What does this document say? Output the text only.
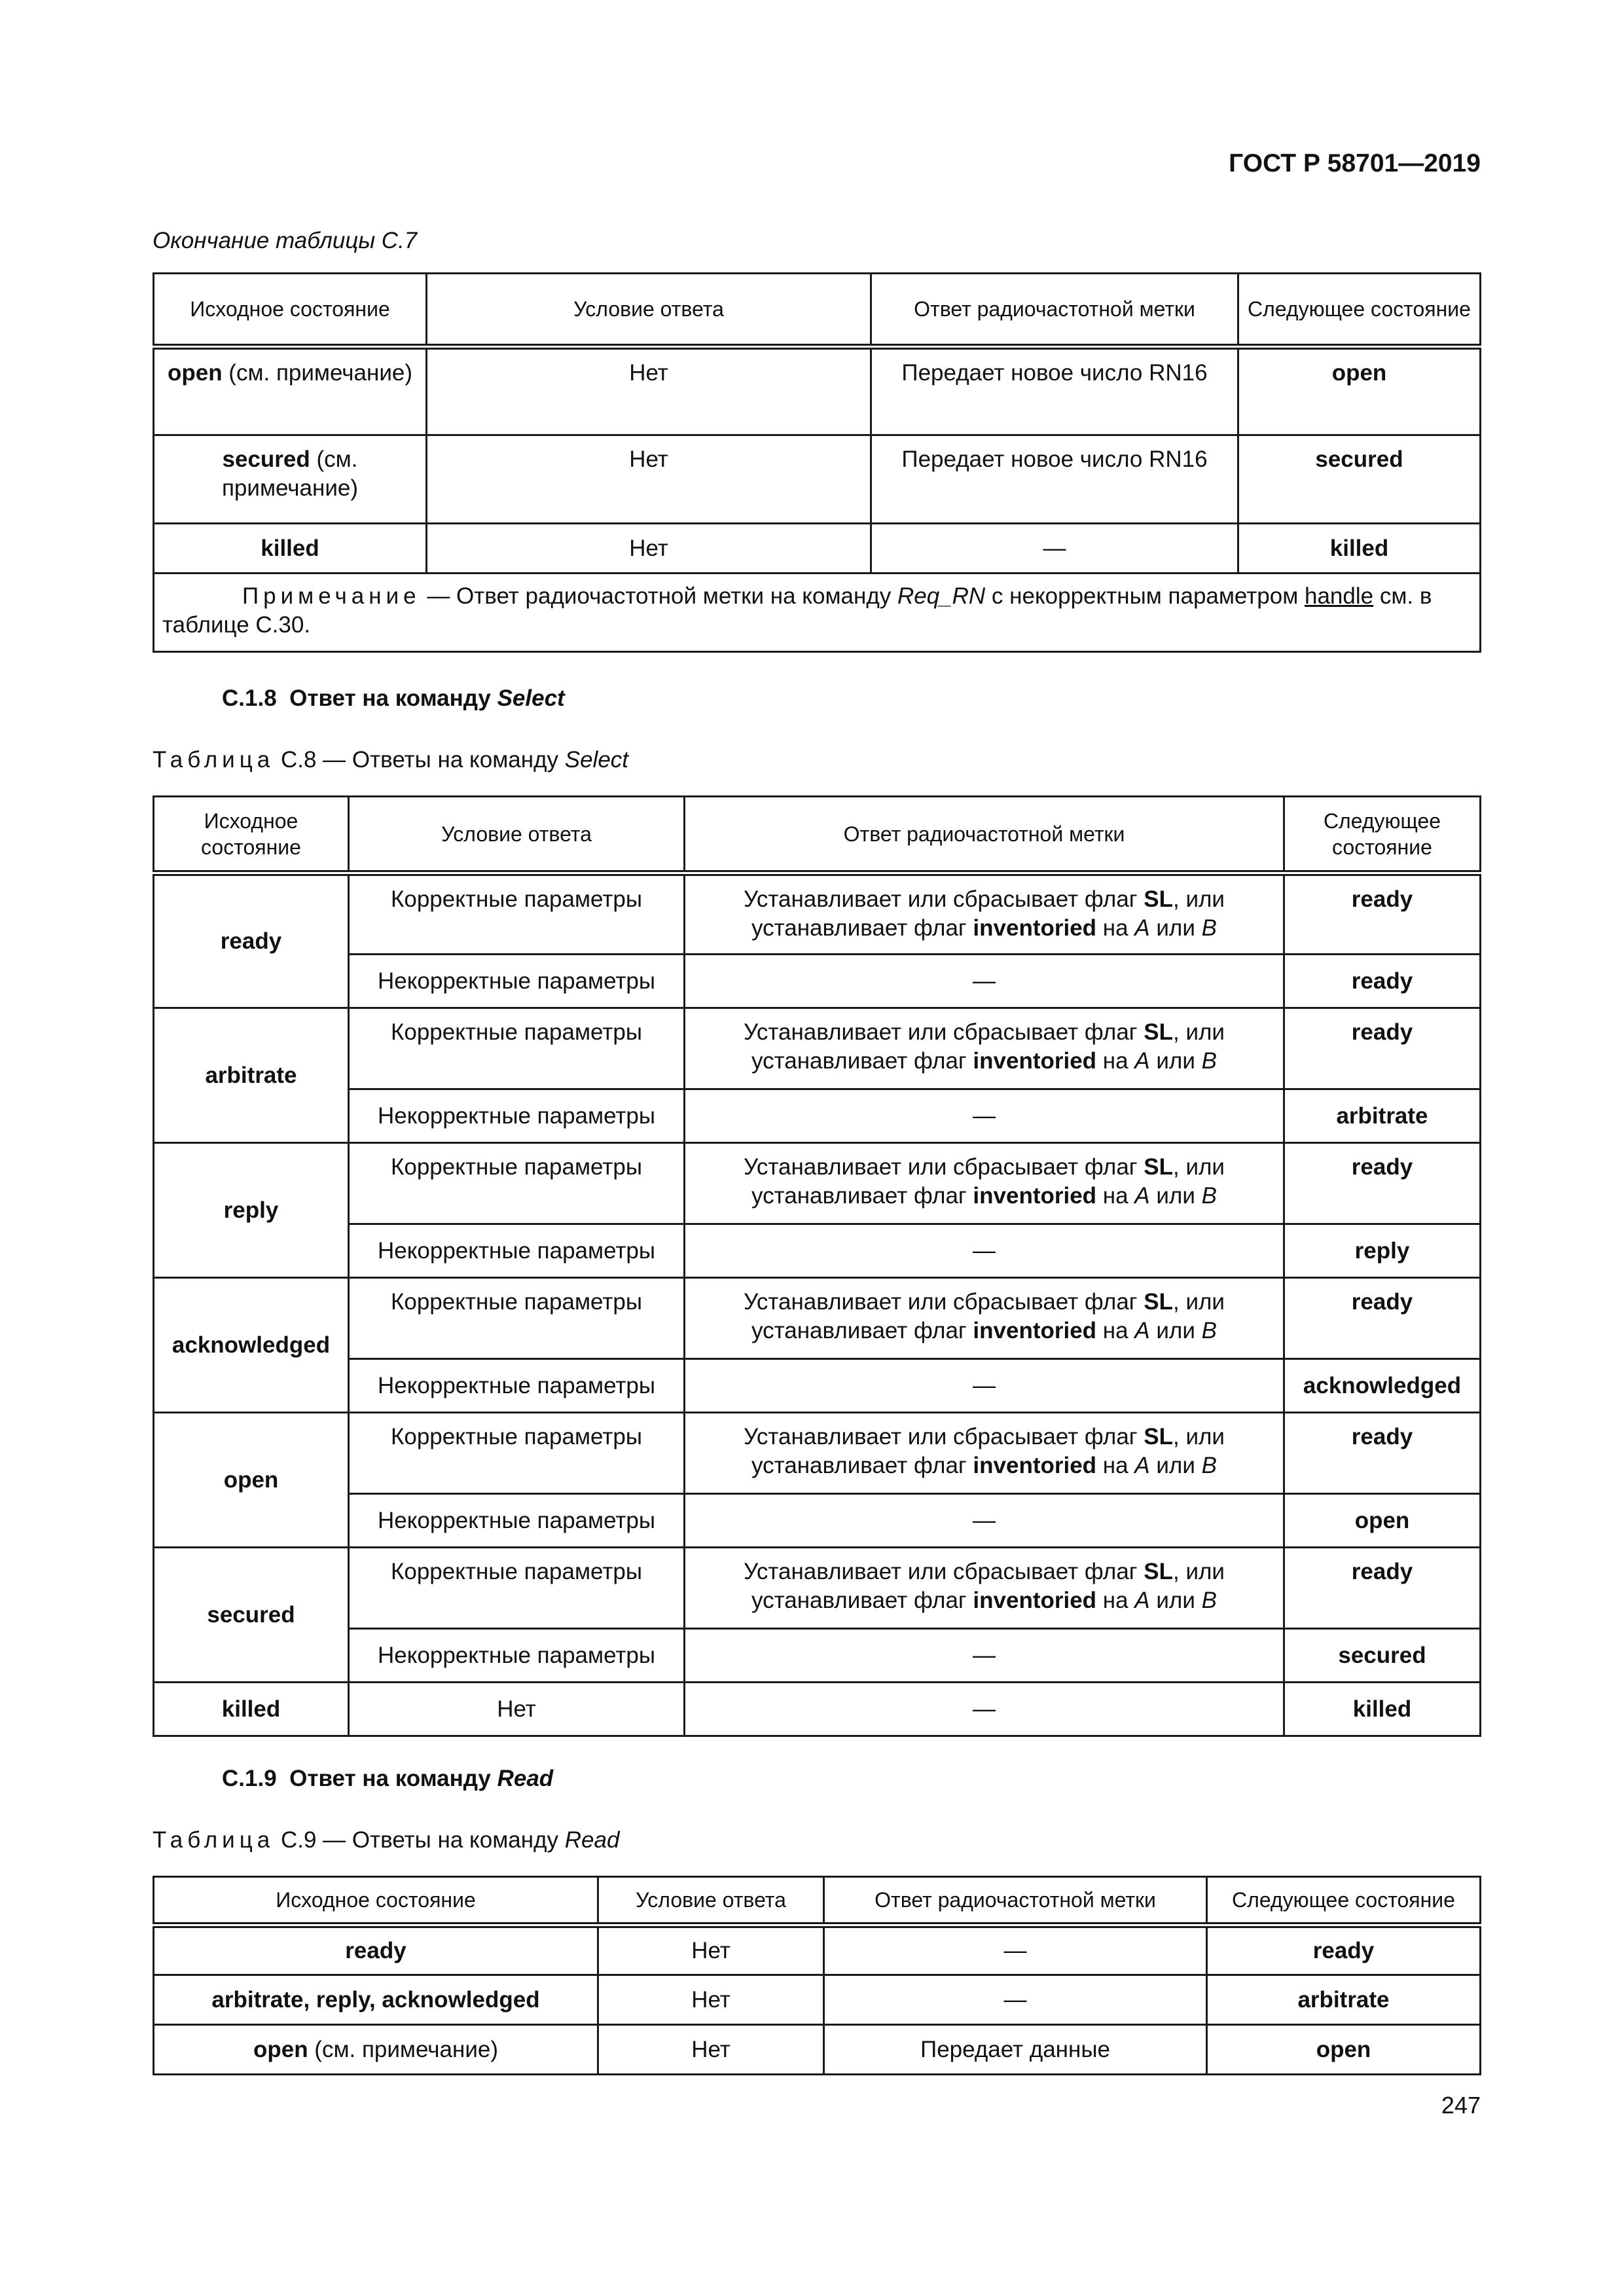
ГОСТ Р 58701—2019
Окончание таблицы С.7
Исходное состояние	Условие ответа	Ответ радиочастотной метки	Следующее состояние
open (см. примечание)	Нет	Передает новое число RN16	open
secured (см. примечание)	Нет	Передает новое число RN16	secured
killed	Нет	—	killed
Примечание — Ответ радиочастотной метки на команду Req_RN с некорректным параметром handle см. в таблице С.30.			
С.1.8 Ответ на команду Select
Таблица С.8 — Ответы на команду Select
Исходное состояние	Условие ответа	Ответ радиочастотной метки	Следующее состояние
ready	Корректные параметры	Устанавливает или сбрасывает флаг SL, или устанавливает флаг inventoried на А или В	ready
	Некорректные параметры	—	ready
arbitrate	Корректные параметры	Устанавливает или сбрасывает флаг SL, или устанавливает флаг inventoried на А или В	ready
	Некорректные параметры	—	arbitrate
reply	Корректные параметры	Устанавливает или сбрасывает флаг SL, или устанавливает флаг inventoried на А или В	ready
	Некорректные параметры	—	reply
acknowledged	Корректные параметры	Устанавливает или сбрасывает флаг SL, или устанавливает флаг inventoried на А или В	ready
	Некорректные параметры	—	acknowledged
open	Корректные параметры	Устанавливает или сбрасывает флаг SL, или устанавливает флаг inventoried на А или В	ready
	Некорректные параметры	—	open
secured	Корректные параметры	Устанавливает или сбрасывает флаг SL, или устанавливает флаг inventoried на А или В	ready
	Некорректные параметры	—	secured
killed	Нет	—	killed
С.1.9 Ответ на команду Read
Таблица С.9 — Ответы на команду Read
Исходное состояние	Условие ответа	Ответ радиочастотной метки	Следующее состояние
ready	Нет	—	ready
arbitrate, reply, acknowledged	Нет	—	arbitrate
open (см. примечание)	Нет	Передает данные	open
247
